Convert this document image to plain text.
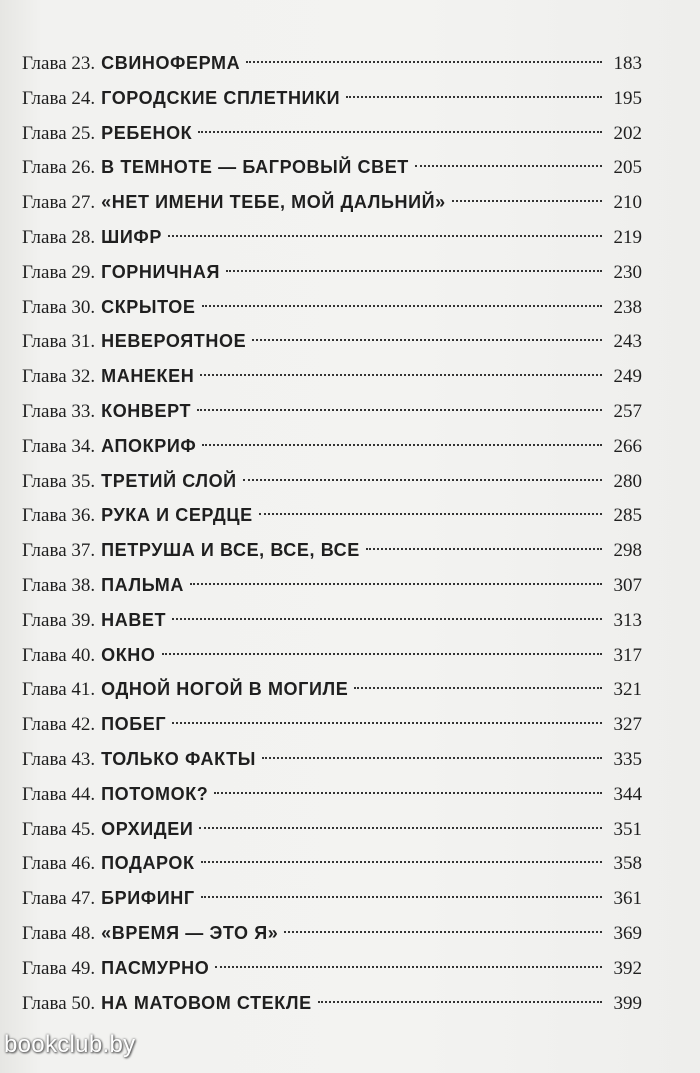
Глава 23. СВИНОФЕРМА	183
Глава 24. ГОРОДСКИЕ СПЛЕТНИКИ	195
Глава 25. РЕБЕНОК	202
Глава 26. В ТЕМНОТЕ — БАГРОВЫЙ СВЕТ	205
Глава 27. «НЕТ ИМЕНИ ТЕБЕ, МОЙ ДАЛЬНИЙ»	210
Глава 28. ШИФР	219
Глава 29. ГОРНИЧНАЯ	230
Глава 30. СКРЫТОЕ	238
Глава 31. НЕВЕРОЯТНОЕ	243
Глава 32. МАНЕКЕН	249
Глава 33. КОНВЕРТ	257
Глава 34. АПОКРИФ	266
Глава 35. ТРЕТИЙ СЛОЙ	280
Глава 36. РУКА И СЕРДЦЕ	285
Глава 37. ПЕТРУША И ВСЕ, ВСЕ, ВСЕ	298
Глава 38. ПАЛЬМА	307
Глава 39. НАВЕТ	313
Глава 40. ОКНО	317
Глава 41. ОДНОЙ НОГОЙ В МОГИЛЕ	321
Глава 42. ПОБЕГ	327
Глава 43. ТОЛЬКО ФАКТЫ	335
Глава 44. ПОТОМОК?	344
Глава 45. ОРХИДЕИ	351
Глава 46. ПОДАРОК	358
Глава 47. БРИФИНГ	361
Глава 48. «ВРЕМЯ — ЭТО Я»	369
Глава 49. ПАСМУРНО	392
Глава 50. НА МАТОВОМ СТЕКЛЕ	399
bookclub.by
